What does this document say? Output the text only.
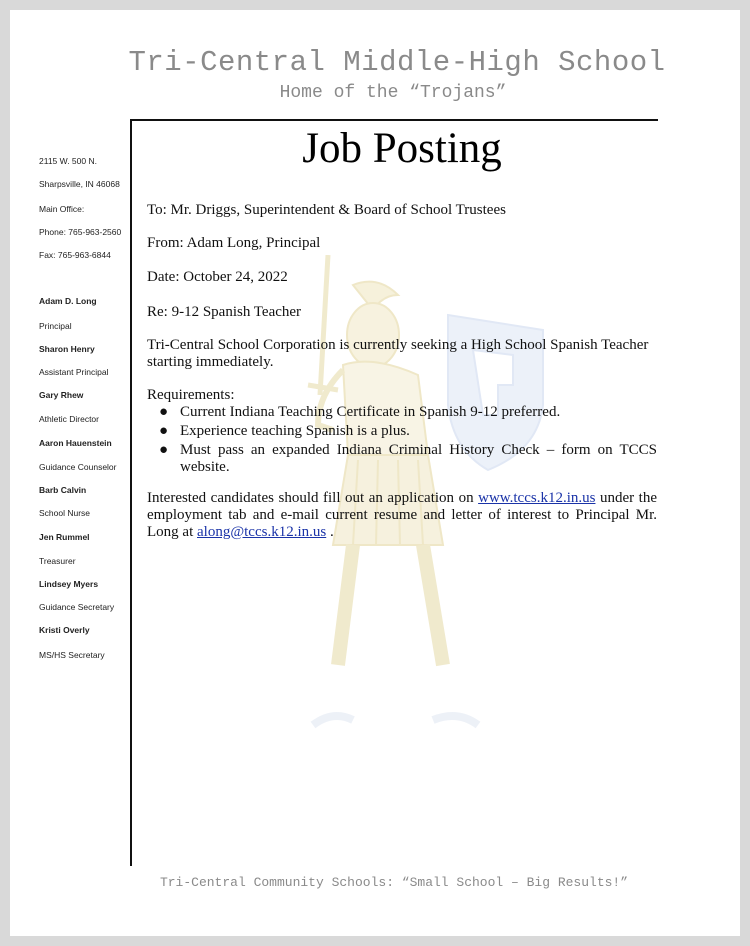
Tri-Central Middle-High School
Home of the “Trojans”
2115 W. 500 N.
Sharpsville, IN 46068
Main Office:
Phone: 765-963-2560
Fax: 765-963-6844
Adam D. Long
Principal
Sharon Henry
Assistant Principal
Gary Rhew
Athletic Director
Aaron Hauenstein
Guidance Counselor
Barb Calvin
School Nurse
Jen Rummel
Treasurer
Lindsey Myers
Guidance Secretary
Kristi Overly
MS/HS Secretary
Job Posting
To: Mr. Driggs, Superintendent & Board of School Trustees
From: Adam Long, Principal
Date: October 24, 2022
Re: 9-12 Spanish Teacher
Tri-Central School Corporation is currently seeking a High School Spanish Teacher starting immediately.
Requirements:
● Current Indiana Teaching Certificate in Spanish 9-12 preferred.
● Experience teaching Spanish is a plus.
● Must pass an expanded Indiana Criminal History Check – form on TCCS website.
Interested candidates should fill out an application on www.tccs.k12.in.us under the employment tab and e-mail current resume and letter of interest to Principal Mr. Long at along@tccs.k12.in.us .
Tri-Central Community Schools: “Small School – Big Results!”
